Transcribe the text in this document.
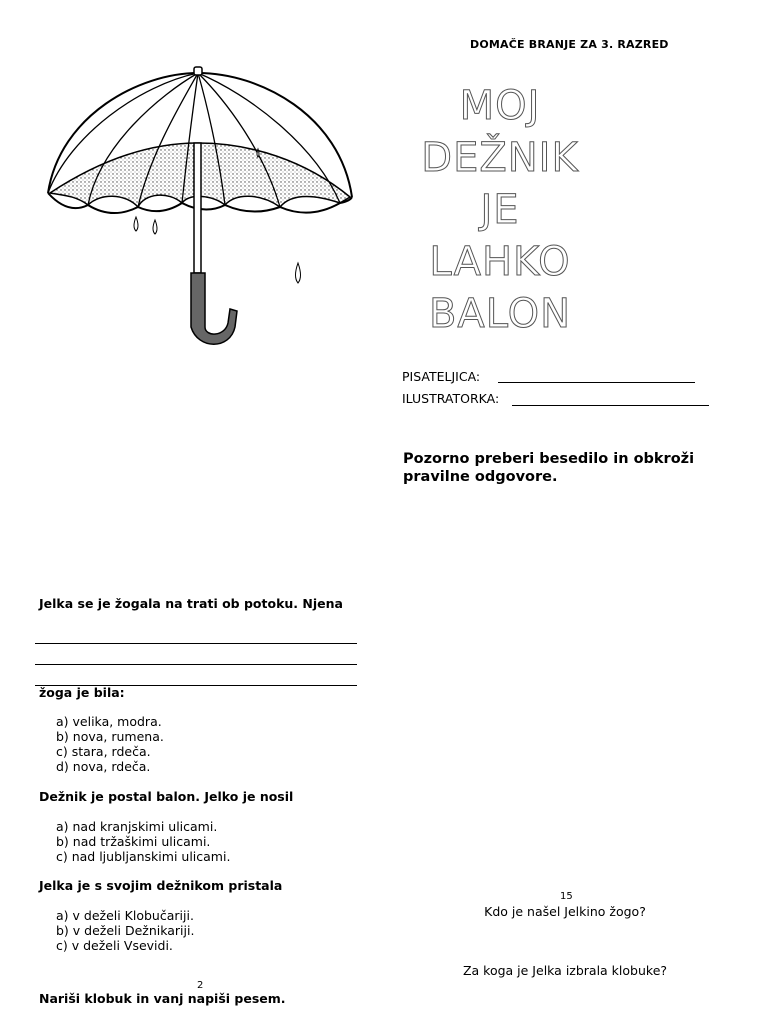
DOMAČE BRANJE ZA 3. RAZRED
MOJ
DEŽNIK
JE
LAHKO
BALON
PISATELJICA:
ILUSTRATORKA:
Pozorno preberi besedilo in obkroži pravilne odgovore.
Jelka se je žogala na trati ob potoku. Njena
žoga je bila:
a) velika, modra.
b) nova, rumena.
c) stara, rdeča.
d) nova, rdeča.
Dežnik je postal balon. Jelko je nosil
a) nad kranjskimi ulicami.
b) nad tržaškimi ulicami.
c) nad ljubljanskimi ulicami.
Jelka je s svojim dežnikom pristala
a) v deželi Klobučariji.
b) v deželi Dežnikariji.
c) v deželi Vsevidi.
2
Nariši klobuk in vanj napiši pesem.
15
Kdo je našel Jelkino žogo?
Za koga je Jelka izbrala klobuke?
